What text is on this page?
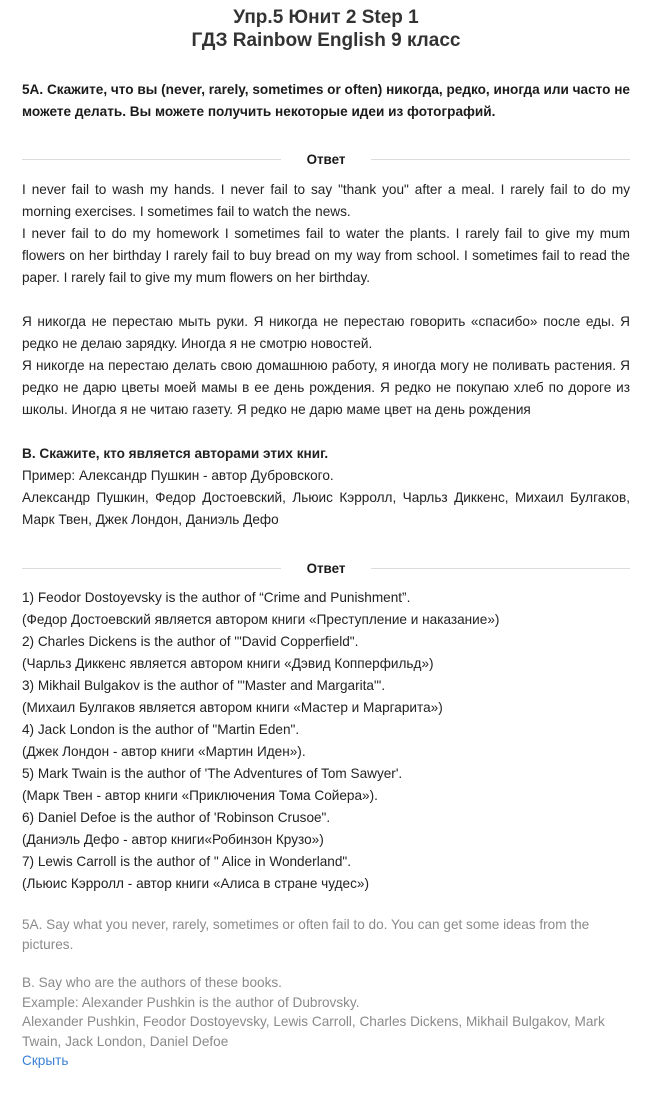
Упр.5 Юнит 2 Step 1
ГДЗ Rainbow English 9 класс
5A. Скажите, что вы (never, rarely, sometimes or often) никогда, редко, иногда или часто не можете делать. Вы можете получить некоторые идеи из фотографий.
Ответ

I never fail to wash my hands. I never fail to say "thank you" after a meal. I rarely fail to do my morning exercises. I sometimes fail to watch the news.

I never fail to do my homework I sometimes fail to water the plants. I rarely fail to give my mum flowers on her birthday I rarely fail to buy bread on my way from school. I sometimes fail to read the paper. I rarely fail to give my mum flowers on her birthday.

Я никогда не перестаю мыть руки. Я никогда не перестаю говорить «спасибо» после еды. Я редко не делаю зарядку. Иногда я не смотрю новостей.

Я никогде на перестаю делать свою домашнюю работу, я иногда могу не поливать растения. Я редко не дарю цветы моей мамы в ее день рождения. Я редко не покупаю хлеб по дороге из школы. Иногда я не читаю газету. Я редко не дарю маме цвет на день рождения

B. Скажите, кто является авторами этих книг.

Пример: Александр Пушкин - автор Дубровского.

Александр Пушкин, Федор Достоевский, Льюис Кэрролл, Чарльз Диккенс, Михаил Булгаков, Марк Твен, Джек Лондон, Даниэль Дефо

Ответ
1) Feodor Dostoyevsky is the author of “Crime and Punishment”.
(Федор Достоевский является автором книги «Преступление и наказание»)
2) Charles Dickens is the author of '"David Copperfield".
(Чарльз Диккенс является автором книги «Дэвид Копперфильд»)
3) Mikhail Bulgakov is the author of '"Master and Margarita"'.
(Михаил Булгаков является автором книги «Мастер и Маргарита»)
4) Jack London is the author of "Martin Eden".
(Джек Лондон - автор книги «Мартин Иден»).
5) Mark Twain is the author of 'The Adventures of Tom Sawyer'.
(Марк Твен - автор книги «Приключения Тома Сойера»).
6) Daniel Defoe is the author of 'Robinson Crusoe".
(Даниэль Дефо - автор книги«Робинзон Крузо»)
7) Lewis Carroll is the author of " Alice in Wonderland".
(Льюис Кэрролл - автор книги «Алиса в стране чудес»)

5A. Say what you never, rarely, sometimes or often fail to do. You can get some ideas from the pictures.

B. Say who are the authors of these books.

Example: Alexander Pushkin is the author of Dubrovsky.

Alexander Pushkin, Feodor Dostoyevsky, Lewis Carroll, Charles Dickens, Mikhail Bulgakov, Mark Twain, Jack London, Daniel Defoe

Скрыть
